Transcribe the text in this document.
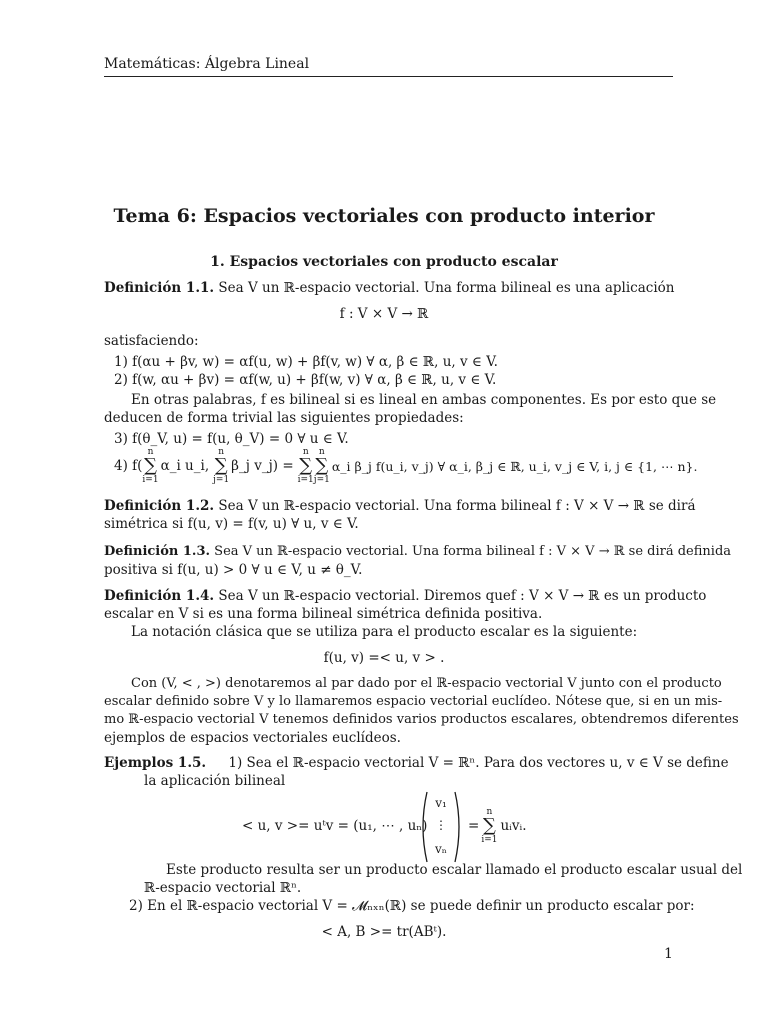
Matemáticas: Álgebra Lineal
Tema 6: Espacios vectoriales con producto interior
1. Espacios vectoriales con producto escalar
Definición 1.1. Sea V un ℝ-espacio vectorial. Una forma bilineal es una aplicación
f : V × V → ℝ
satisfaciendo:
1) f(αu + βv, w) = αf(u, w) + βf(v, w) ∀ α, β ∈ ℝ, u, v ∈ V.
2) f(w, αu + βv) = αf(w, u) + βf(w, v) ∀ α, β ∈ ℝ, u, v ∈ V.
En otras palabras, f es bilineal si es lineal en ambas componentes. Es por esto que se
deducen de forma trivial las siguientes propiedades:
3) f(θ_V, u) = f(u, θ_V) = 0 ∀ u ∈ V.
4) f(
n
∑
i=1
α_i u_i,
n
∑
j=1
β_j v_j) =
n
∑
i=1
n
∑
j=1
α_i β_j f(u_i, v_j) ∀ α_i, β_j ∈ ℝ, u_i, v_j ∈ V, i, j ∈ {1, ⋯ n}.
Definición 1.2. Sea V un ℝ-espacio vectorial. Una forma bilineal f : V × V → ℝ se dirá
simétrica si f(u, v) = f(v, u) ∀ u, v ∈ V.
Definición 1.3. Sea V un ℝ-espacio vectorial. Una forma bilineal f : V × V → ℝ se dirá definida
positiva si f(u, u) > 0 ∀ u ∈ V, u ≠ θ_V.
Definición 1.4. Sea V un ℝ-espacio vectorial. Diremos quef : V × V → ℝ es un producto
escalar en V si es una forma bilineal simétrica definida positiva.
La notación clásica que se utiliza para el producto escalar es la siguiente:
f(u, v) =< u, v > .
Con (V, < , >) denotaremos al par dado por el ℝ-espacio vectorial V junto con el producto
escalar definido sobre V y lo llamaremos espacio vectorial euclídeo. Nótese que, si en un mis-
mo ℝ-espacio vectorial V tenemos definidos varios productos escalares, obtendremos diferentes
ejemplos de espacios vectoriales euclídeos.
Ejemplos 1.5. 1) Sea el ℝ-espacio vectorial V = ℝⁿ. Para dos vectores u, v ∈ V se define
la aplicación bilineal
< u, v >= uᵗv = (u₁, ⋯ , uₙ)
v₁
⋮
vₙ
=
n
∑
i=1
uᵢvᵢ.
Este producto resulta ser un producto escalar llamado el producto escalar usual del
ℝ-espacio vectorial ℝⁿ.
2) En el ℝ-espacio vectorial V = 𝓜ₙₓₙ(ℝ) se puede definir un producto escalar por:
< A, B >= tr(ABᵗ).
1
